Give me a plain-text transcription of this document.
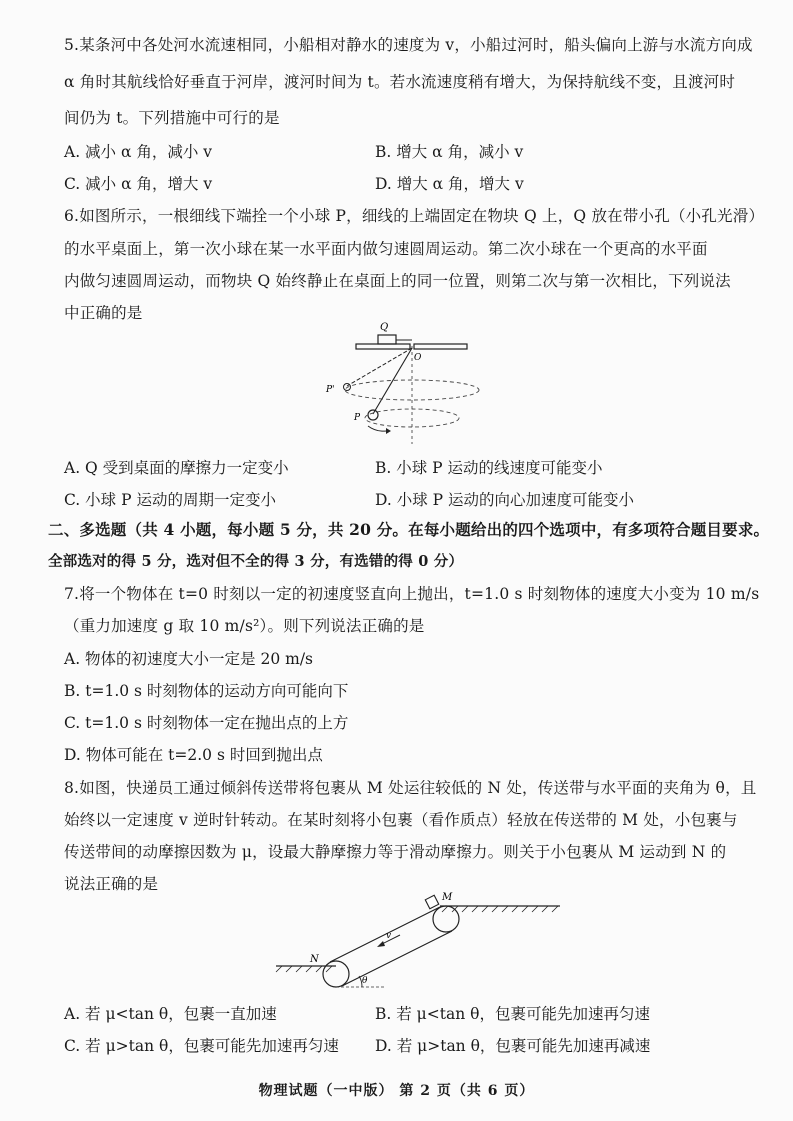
5.某条河中各处河水流速相同，小船相对静水的速度为 v，小船过河时，船头偏向上游与水流方向成
α 角时其航线恰好垂直于河岸，渡河时间为 t。若水流速度稍有增大，为保持航线不变，且渡河时
间仍为 t。下列措施中可行的是
A. 减小 α 角，减小 v	B. 增大 α 角，减小 v
C. 减小 α 角，增大 v	D. 增大 α 角，增大 v
6.如图所示，一根细线下端拴一个小球 P，细线的上端固定在物块 Q 上，Q 放在带小孔（小孔光滑）
的水平桌面上，第一次小球在某一水平面内做匀速圆周运动。第二次小球在一个更高的水平面
内做匀速圆周运动，而物块 Q 始终静止在桌面上的同一位置，则第二次与第一次相比，下列说法
中正确的是
Q
O
P'
P
A. Q 受到桌面的摩擦力一定变小	B. 小球 P 运动的线速度可能变小
C. 小球 P 运动的周期一定变小	D. 小球 P 运动的向心加速度可能变小
二、多选题（共 4 小题，每小题 5 分，共 20 分。在每小题给出的四个选项中，有多项符合题目要求。
全部选对的得 5 分，选对但不全的得 3 分，有选错的得 0 分）
7.将一个物体在 t=0 时刻以一定的初速度竖直向上抛出，t=1.0 s 时刻物体的速度大小变为 10 m/s
（重力加速度 g 取 10 m/s²）。则下列说法正确的是
A. 物体的初速度大小一定是 20 m/s
B. t=1.0 s 时刻物体的运动方向可能向下
C. t=1.0 s 时刻物体一定在抛出点的上方
D. 物体可能在 t=2.0 s 时回到抛出点
8.如图，快递员工通过倾斜传送带将包裹从 M 处运往较低的 N 处，传送带与水平面的夹角为 θ，且
始终以一定速度 v 逆时针转动。在某时刻将小包裹（看作质点）轻放在传送带的 M 处，小包裹与
传送带间的动摩擦因数为 μ，设最大静摩擦力等于滑动摩擦力。则关于小包裹从 M 运动到 N 的
说法正确的是
M
N
v
θ
A. 若 μ<tan θ，包裹一直加速	B. 若 μ<tan θ，包裹可能先加速再匀速
C. 若 μ>tan θ，包裹可能先加速再匀速 D. 若 μ>tan θ，包裹可能先加速再减速
物理试题（一中版） 第 2 页（共 6 页）
